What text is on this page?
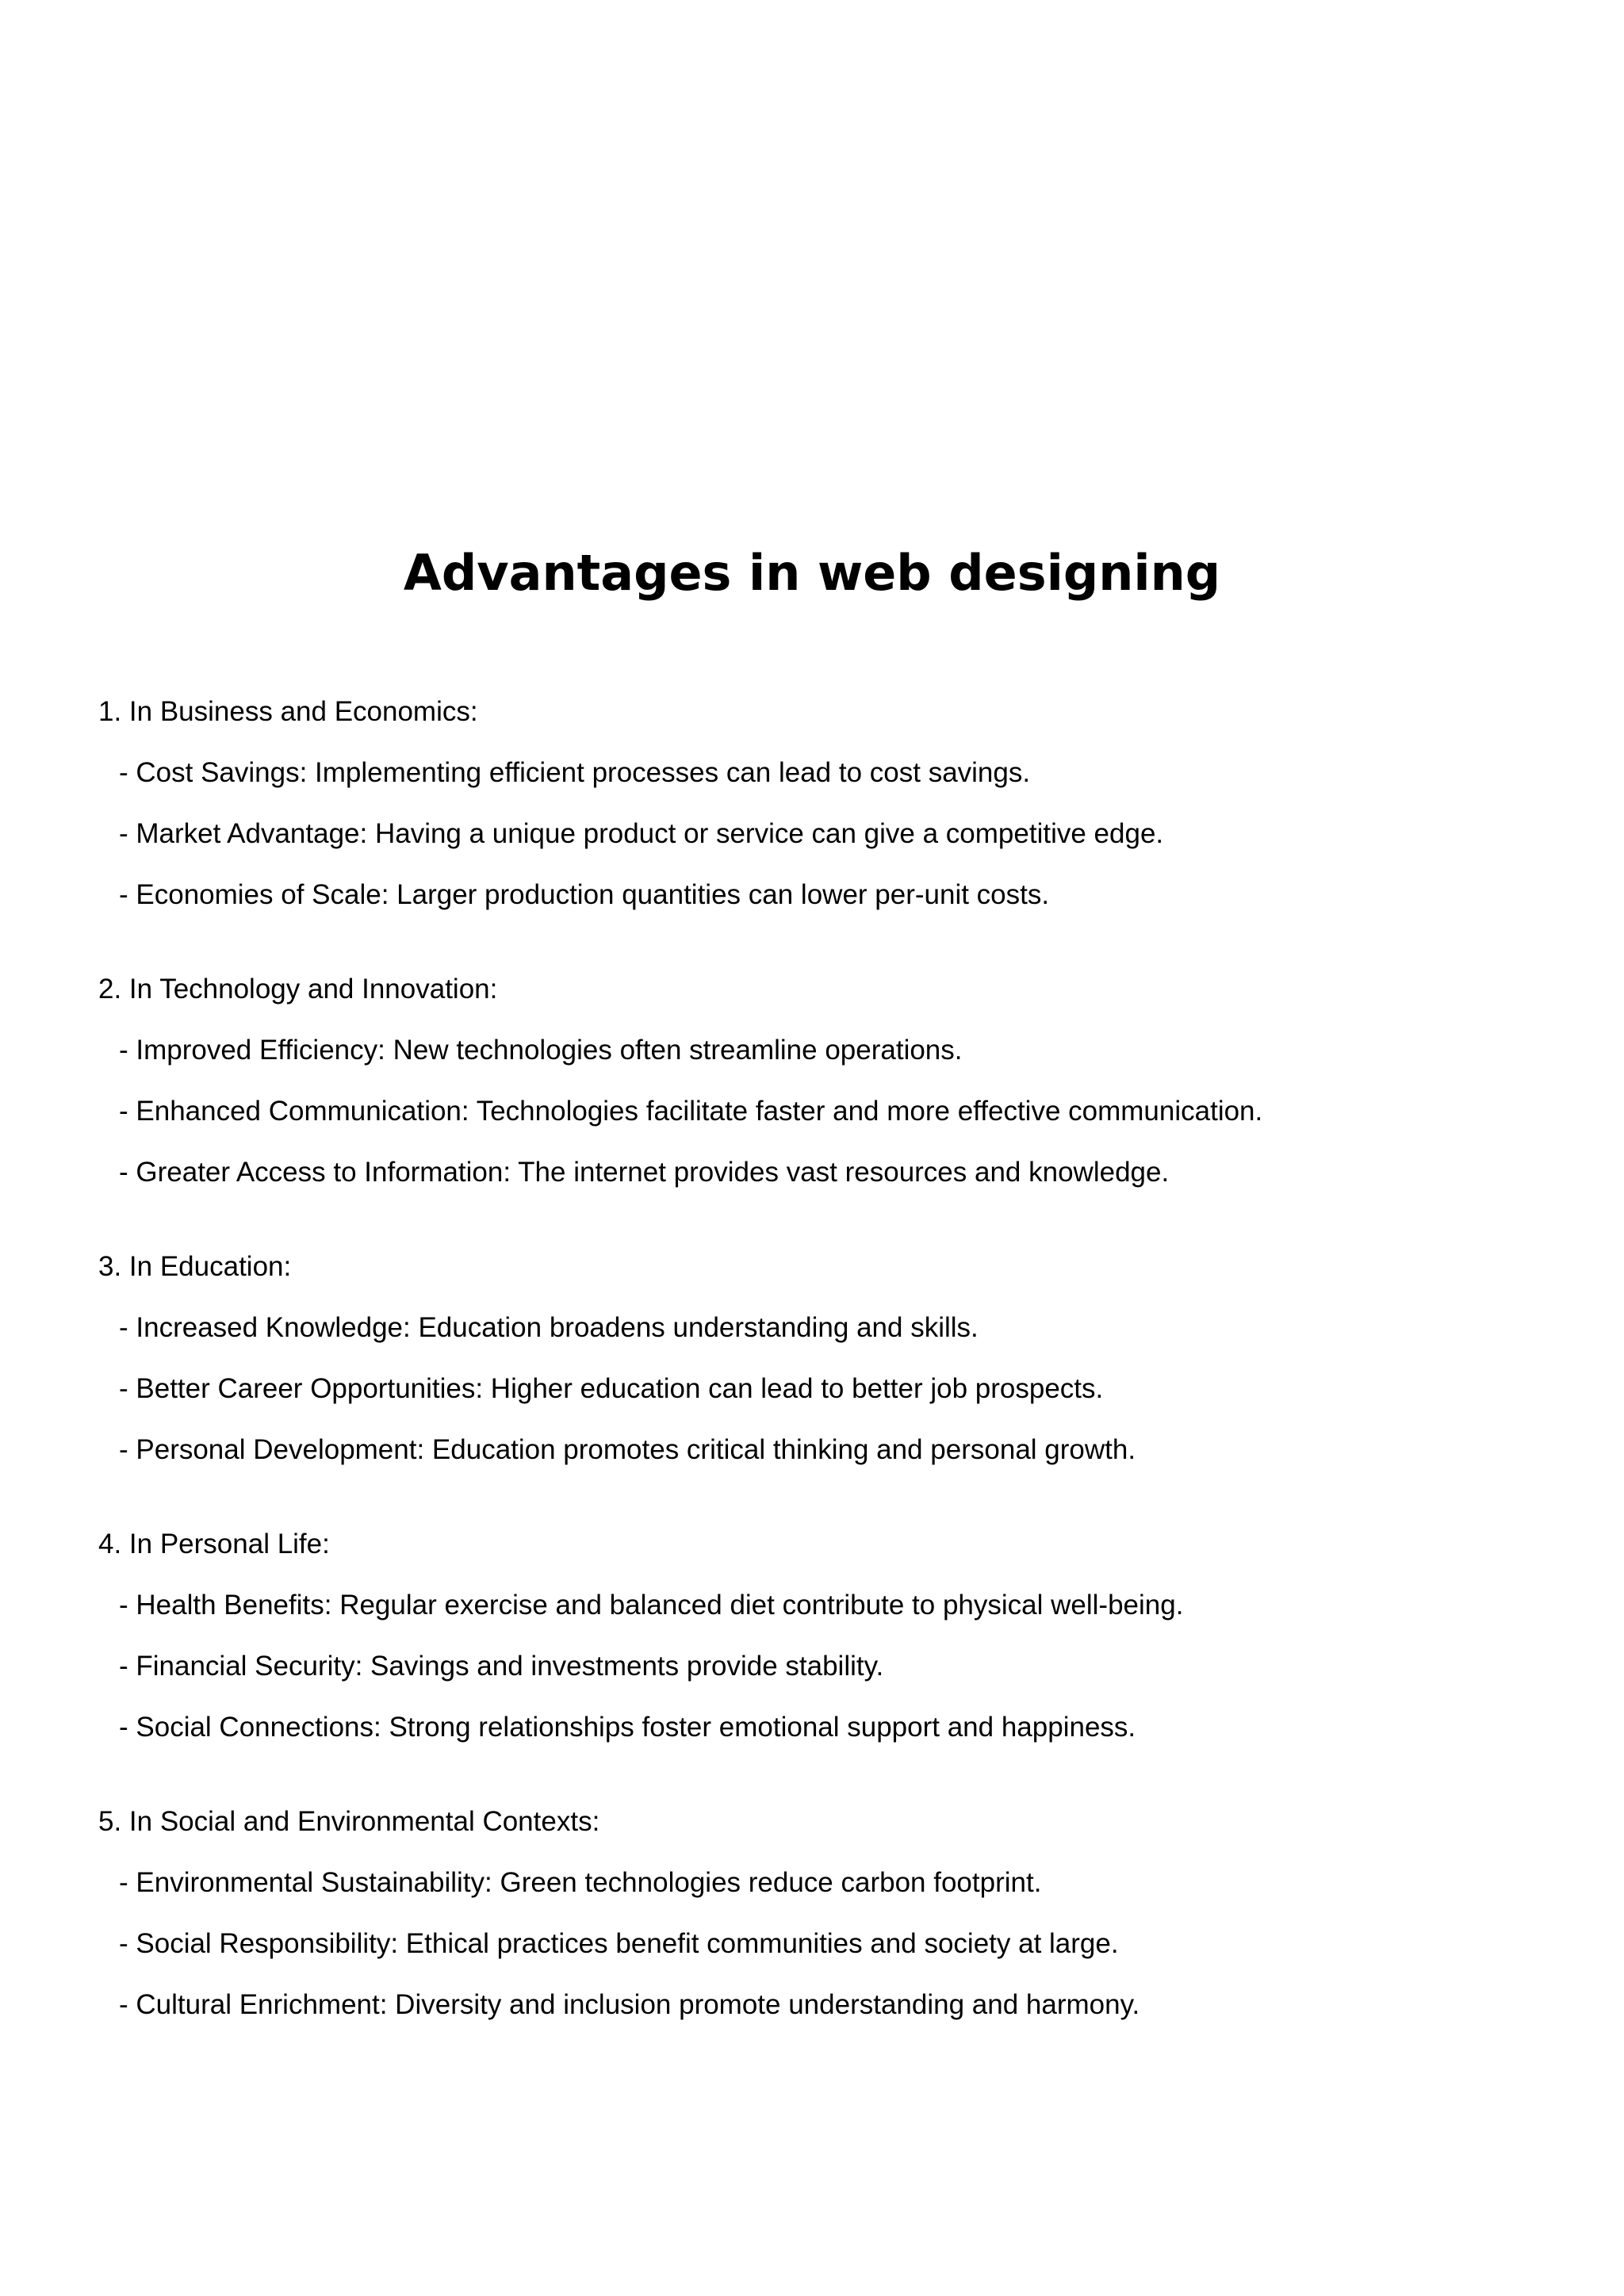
Advantages in web designing
1. In Business and Economics:
- Cost Savings: Implementing efficient processes can lead to cost savings.
- Market Advantage: Having a unique product or service can give a competitive edge.
- Economies of Scale: Larger production quantities can lower per-unit costs.
2. In Technology and Innovation:
- Improved Efficiency: New technologies often streamline operations.
- Enhanced Communication: Technologies facilitate faster and more effective communication.
- Greater Access to Information: The internet provides vast resources and knowledge.
3. In Education:
- Increased Knowledge: Education broadens understanding and skills.
- Better Career Opportunities: Higher education can lead to better job prospects.
- Personal Development: Education promotes critical thinking and personal growth.
4. In Personal Life:
- Health Benefits: Regular exercise and balanced diet contribute to physical well-being.
- Financial Security: Savings and investments provide stability.
- Social Connections: Strong relationships foster emotional support and happiness.
5. In Social and Environmental Contexts:
- Environmental Sustainability: Green technologies reduce carbon footprint.
- Social Responsibility: Ethical practices benefit communities and society at large.
- Cultural Enrichment: Diversity and inclusion promote understanding and harmony.
